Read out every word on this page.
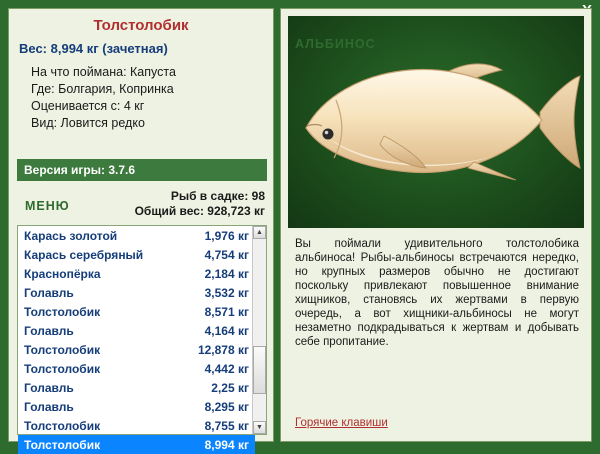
Толстолобик
Вес: 8,994 кг (зачетная)
На что поймана: Капуста
Где: Болгария, Копринка
Оценивается с: 4 кг
Вид: Ловится редко
Версия игры: 3.7.6
МЕНЮ
Рыб в садке: 98
Общий вес: 928,723 кг
Карась золотой	1,976 кг
Карась серебряный	4,754 кг
Краснопёрка	2,184 кг
Голавль	3,532 кг
Толстолобик	8,571 кг
Голавль	4,164 кг
Толстолобик	12,878 кг
Толстолобик	4,442 кг
Голавль	2,25 кг
Голавль	8,295 кг
Толстолобик	8,755 кг
Толстолобик	8,994 кг
▲
▼
АЛЬБИНОС
Вы поймали удивительного толстолобика альбиноса! Рыбы-альбиносы встречаются нередко, но крупных размеров обычно не достигают поскольку привлекают повышенное внимание хищников, становясь их жертвами в первую очередь, а вот хищники-альбиносы не могут незаметно подкрадываться к жертвам и добывать себе пропитание.
Горячие клавиши
